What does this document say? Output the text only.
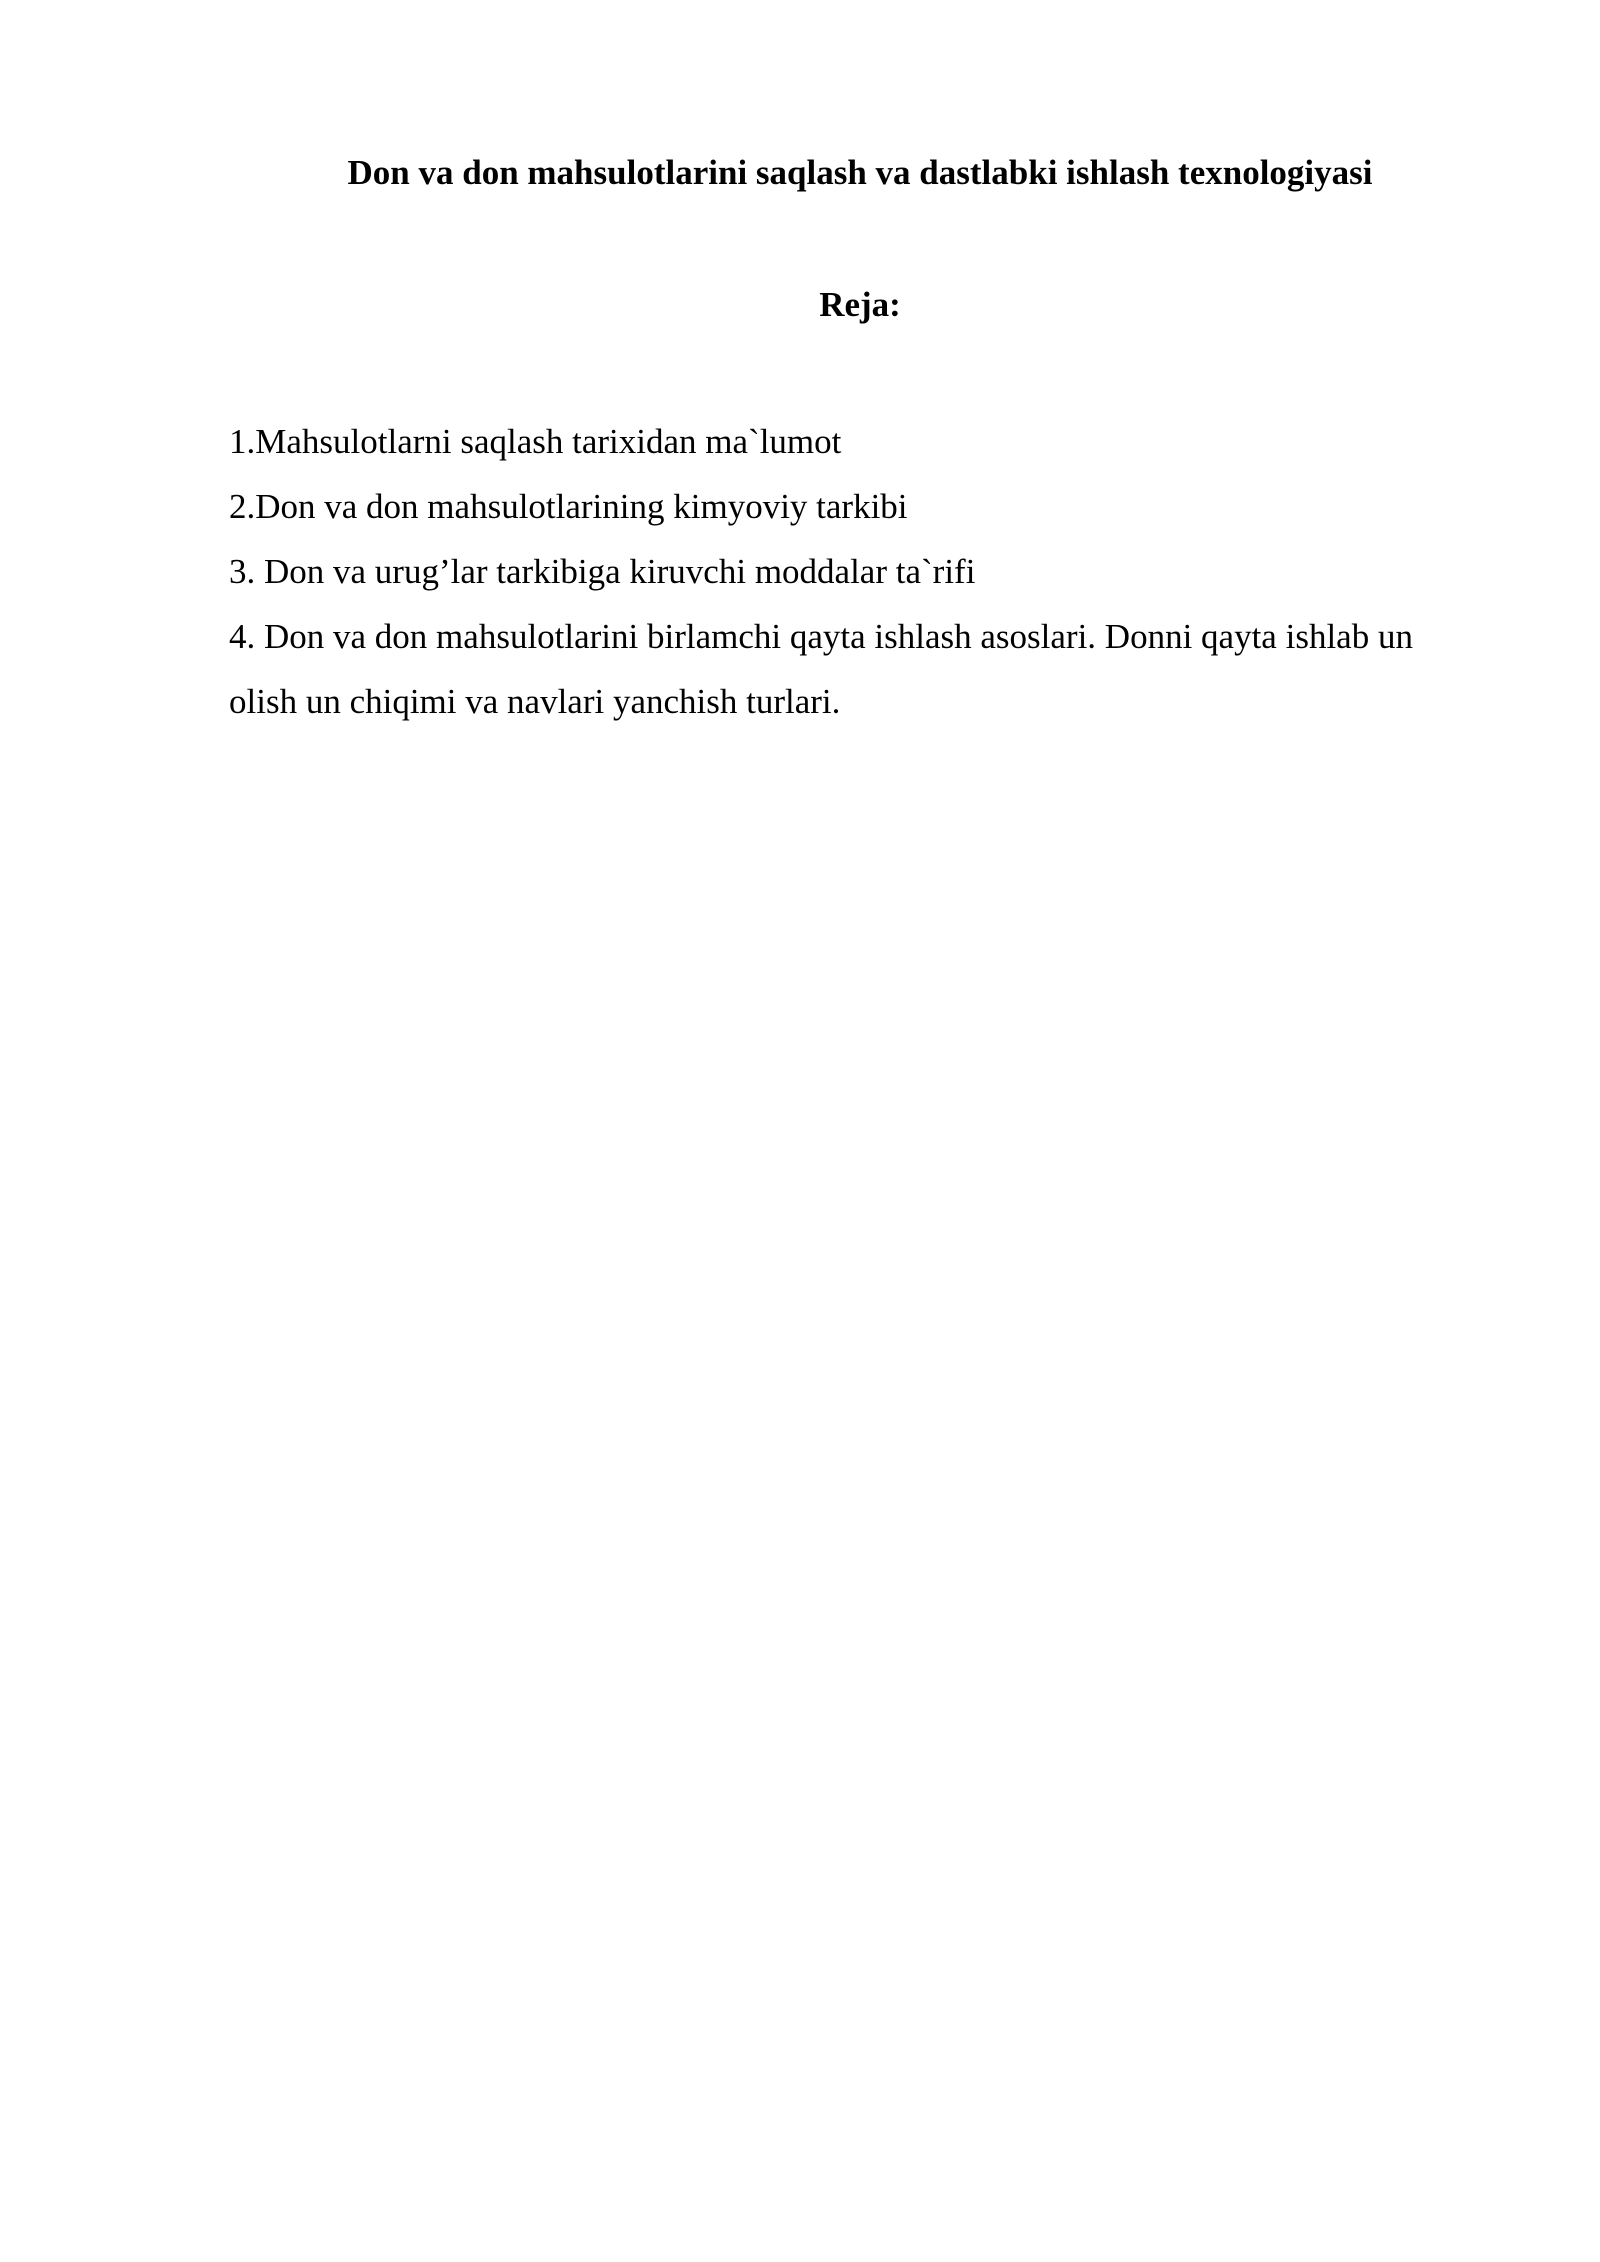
Don va don mahsulotlarini saqlash va dastlabki ishlash texnologiyasi
Reja:
1.Mahsulotlarni saqlash tarixidan ma`lumot
2.Don va don mahsulotlarining kimyoviy tarkibi
3. Don va urug’lar tarkibiga kiruvchi moddalar ta`rifi
4. Don va don mahsulotlarini birlamchi qayta ishlash asoslari. Donni qayta ishlab un olish un chiqimi va navlari yanchish turlari.
